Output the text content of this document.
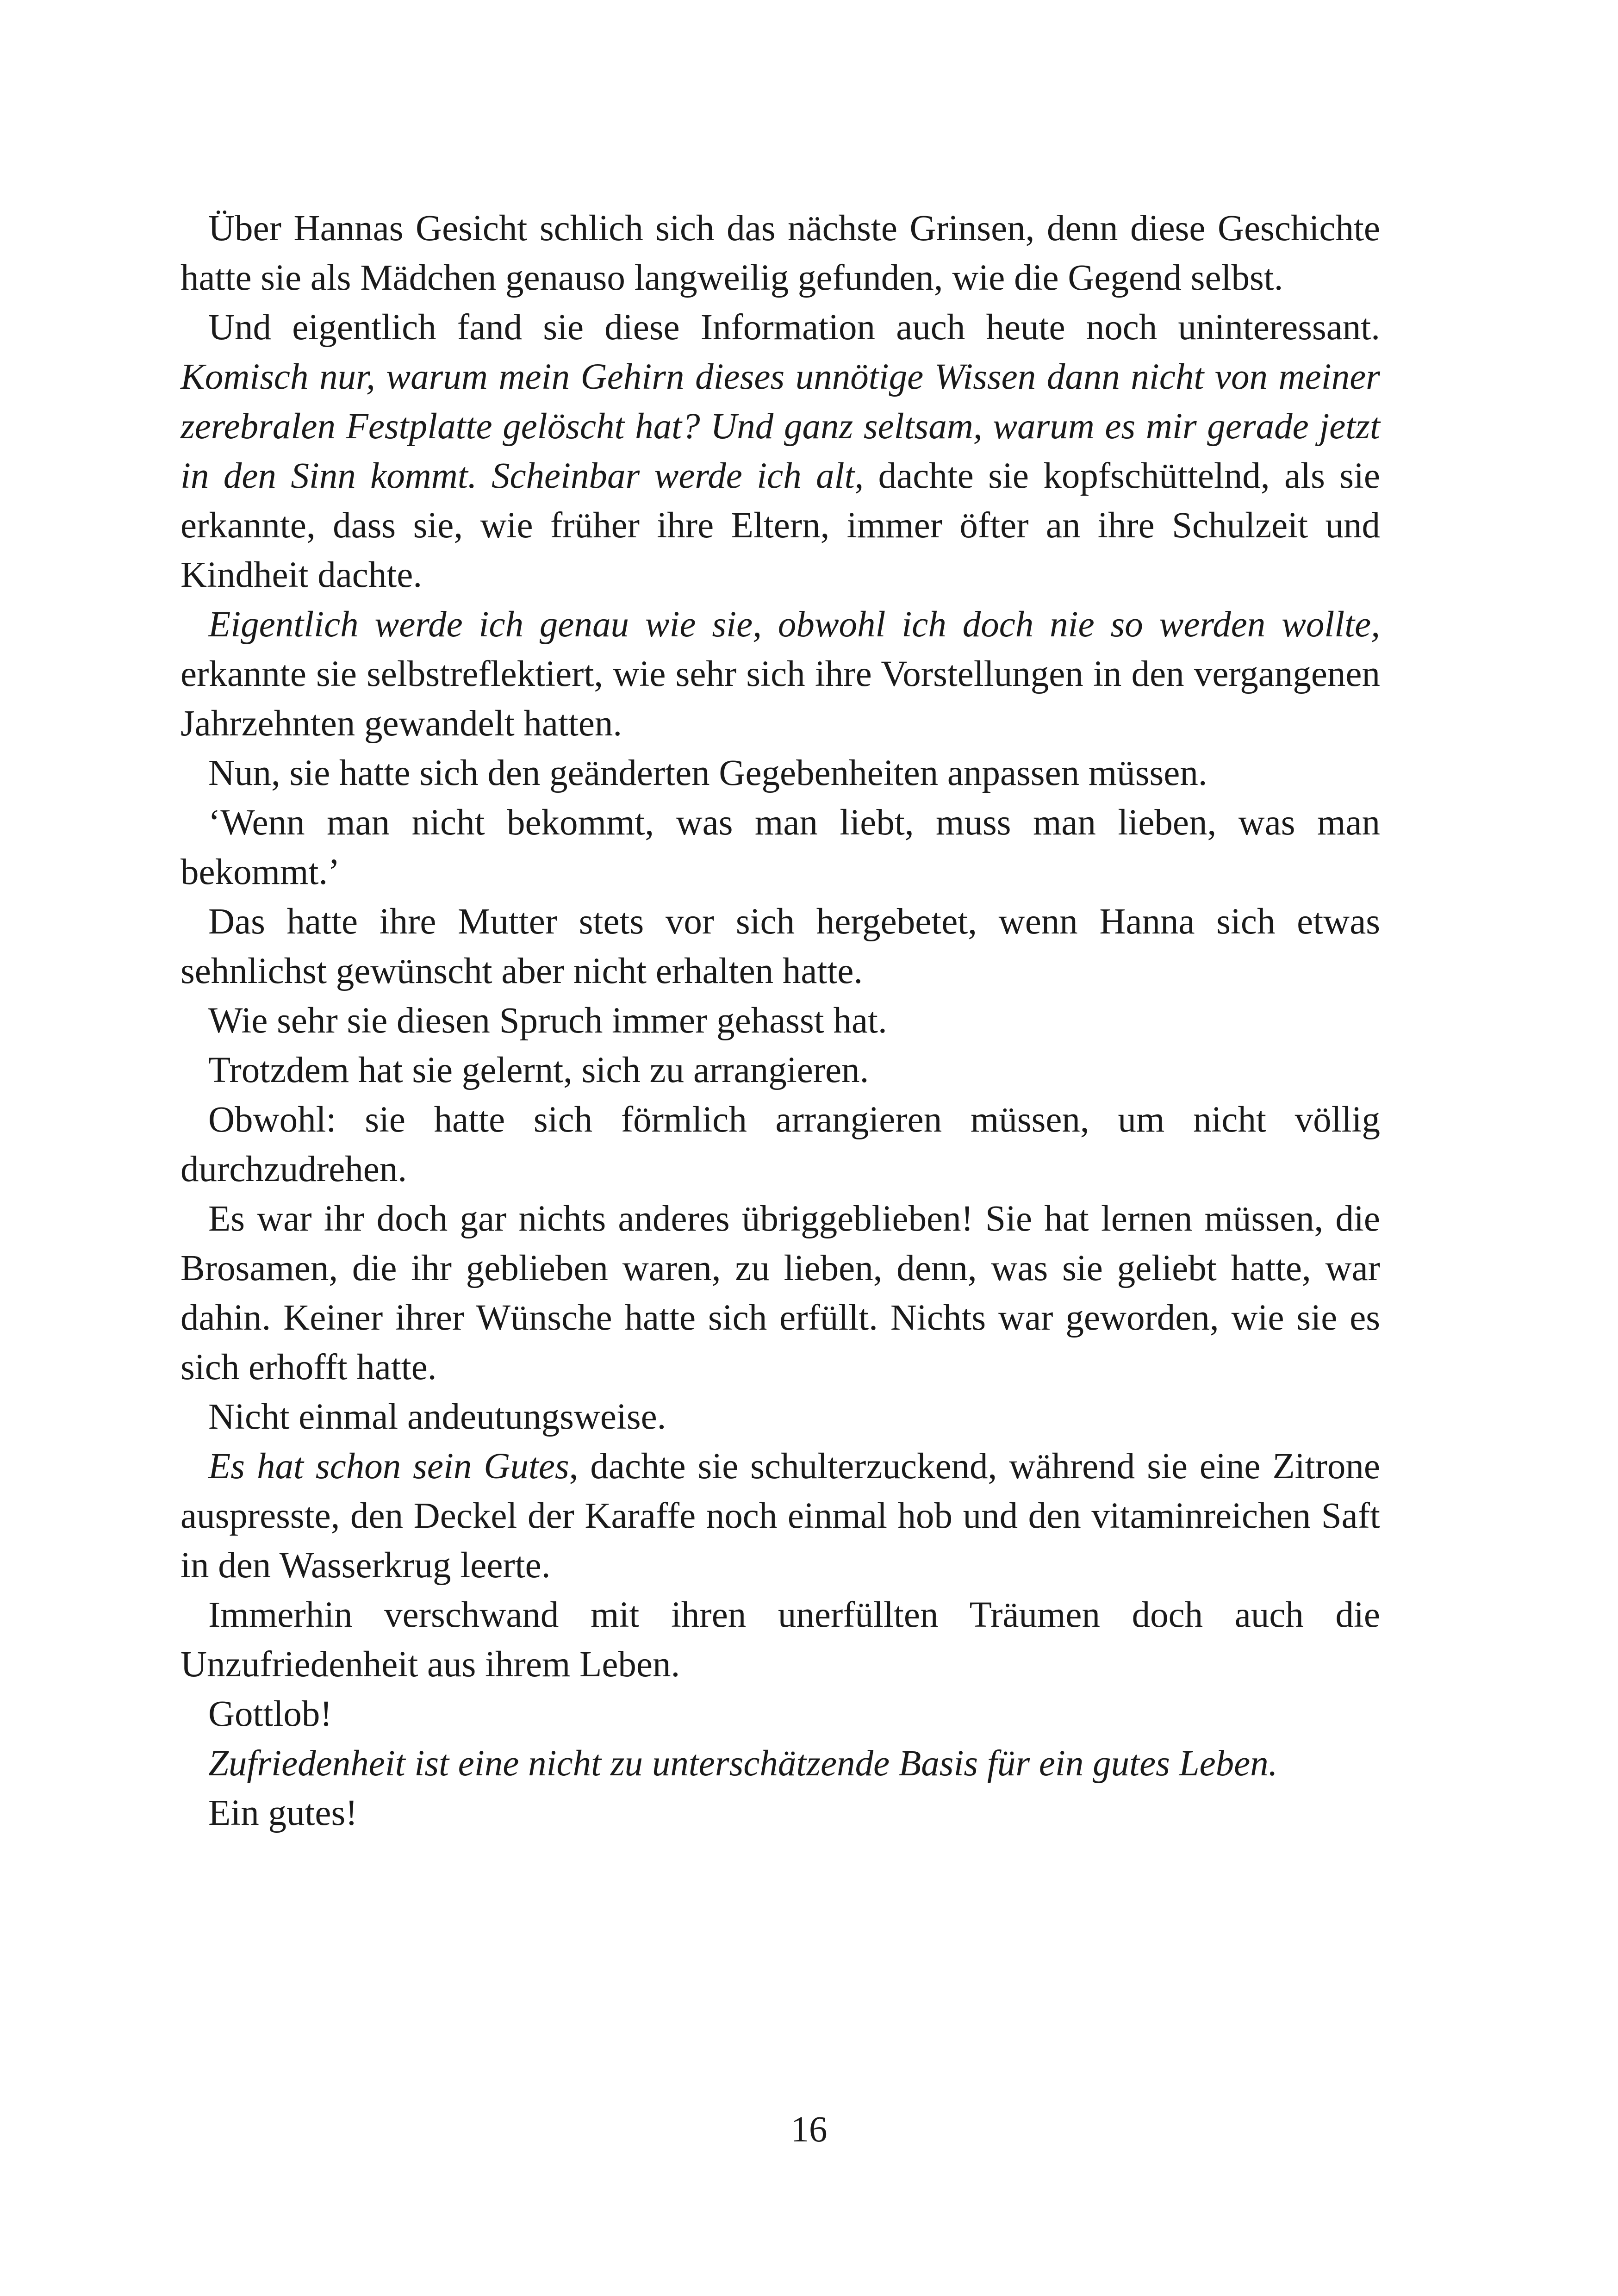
Über Hannas Gesicht schlich sich das nächste Grinsen, denn diese Geschichte hatte sie als Mädchen genauso langweilig gefunden, wie die Gegend selbst.

Und eigentlich fand sie diese Information auch heute noch uninteressant. Komisch nur, warum mein Gehirn dieses unnötige Wissen dann nicht von meiner zerebralen Festplatte gelöscht hat? Und ganz seltsam, warum es mir gerade jetzt in den Sinn kommt. Scheinbar werde ich alt, dachte sie kopfschüttelnd, als sie erkannte, dass sie, wie früher ihre Eltern, immer öfter an ihre Schulzeit und Kindheit dachte.

Eigentlich werde ich genau wie sie, obwohl ich doch nie so werden wollte, erkannte sie selbstreflektiert, wie sehr sich ihre Vorstellungen in den vergangenen Jahrzehnten gewandelt hatten.

Nun, sie hatte sich den geänderten Gegebenheiten anpassen müssen.

‘Wenn man nicht bekommt, was man liebt, muss man lieben, was man bekommt.’

Das hatte ihre Mutter stets vor sich hergebetet, wenn Hanna sich etwas sehnlichst gewünscht aber nicht erhalten hatte.

Wie sehr sie diesen Spruch immer gehasst hat.

Trotzdem hat sie gelernt, sich zu arrangieren.

Obwohl: sie hatte sich förmlich arrangieren müssen, um nicht völlig durchzudrehen.

Es war ihr doch gar nichts anderes übriggeblieben! Sie hat lernen müssen, die Brosamen, die ihr geblieben waren, zu lieben, denn, was sie geliebt hatte, war dahin. Keiner ihrer Wünsche hatte sich erfüllt. Nichts war geworden, wie sie es sich erhofft hatte.

Nicht einmal andeutungsweise.

Es hat schon sein Gutes, dachte sie schulterzuckend, während sie eine Zitrone auspresste, den Deckel der Karaffe noch einmal hob und den vitaminreichen Saft in den Wasserkrug leerte.

Immerhin verschwand mit ihren unerfüllten Träumen doch auch die Unzufriedenheit aus ihrem Leben.

Gottlob!

Zufriedenheit ist eine nicht zu unterschätzende Basis für ein gutes Leben.

Ein gutes!

16
